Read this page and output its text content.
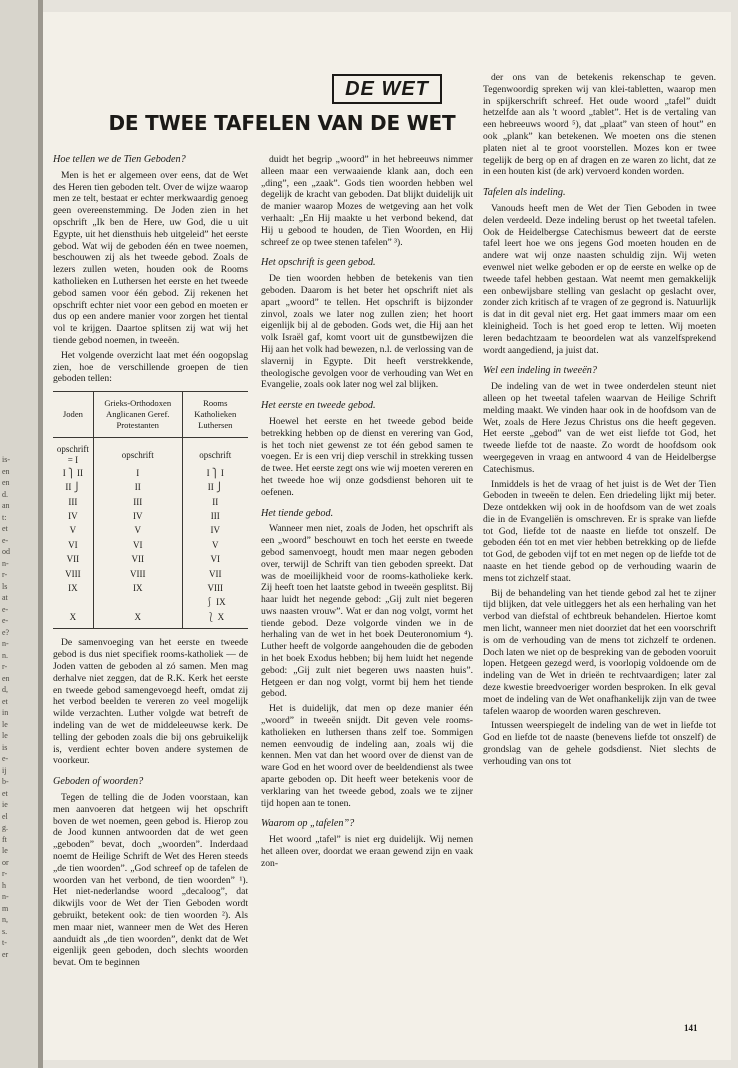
is-
en
en
d.
an
t:
et
e-
od
n-
r-
ls
at
e-
e-
e?
n-
n.
r-
en
d,
et
in
le
le
is
e-
ij
b-
et
ie
el
g.
ft
le
or
r-
h
n-
m
n,
s.
t-
er
DE WET
DE TWEE TAFELEN VAN DE WET
Hoe tellen we de Tien Geboden?

Men is het er algemeen over eens, dat de Wet des Heren tien geboden telt. Over de wijze waarop men ze telt, bestaat er echter merkwaardig genoeg geen overeenstemming. De Joden zien in het opschrift „Ik ben de Here, uw God, die u uit Egypte, uit het diensthuis heb uitgeleid” het eerste gebod. Wat wij de geboden één en twee noemen, beschouwen zij als het tweede gebod. Zoals de lezers zullen weten, houden ook de Rooms katholieken en Luthersen het eerste en het tweede gebod samen voor één gebod. Zij rekenen het opschrift echter niet voor een gebod en moeten er dus op een andere manier voor zorgen het tiental vol te krijgen. Daartoe splitsen zij wat wij het tiende gebod noemen, in tweeën.

Het volgende overzicht laat met één oogopslag zien, hoe de verschillende groepen de tien geboden tellen:

Joden	Grieks-Orthodoxen Anglicanen Geref. Protestanten	Rooms Katholieken Luthersen
opschrift = I	opschrift	opschrift
I ⎫ II	I	I ⎫ I
II ⎭	II	II ⎭
III	III	II
IV	IV	III
V	V	IV
VI	VI	V
VII	VII	VI
VIII	VIII	VII
IX	IX	VIII
		⎰ IX
X	X	⎱ X

De samenvoeging van het eerste en tweede gebod is dus niet specifiek rooms-katholiek — de Joden vatten de geboden al zó samen. Men mag derhalve niet zeggen, dat de R.K. Kerk het eerste en tweede gebod samengevoegd heeft, omdat zij het verbod beelden te vereren zo veel mogelijk wilde verzachten. Luther volgde wat betreft de indeling van de wet de middeleeuwse kerk. De telling der geboden zoals die bij ons gebruikelijk is, verdient echter boven andere systemen de voorkeur.

Geboden of woorden?

Tegen de telling die de Joden voorstaan, kan men aanvoeren dat hetgeen wij het opschrift boven de wet noemen, geen gebod is. Hierop zou de Jood kunnen antwoorden dat de wet geen „geboden” bevat, doch „woorden”. Inderdaad noemt de Heilige Schrift de Wet des Heren steeds „de tien woorden”. „God schreef op de tafelen de woorden van het verbond, de tien woorden” ¹). Het niet-nederlandse woord „decaloog”, dat dikwijls voor de Wet der Tien Geboden wordt gebruikt, betekent ook: de tien woorden ²). Als men maar niet, wanneer men de Wet des Heren aanduidt als „de tien woorden”, denkt dat de Wet eigenlijk geen geboden, doch slechts woorden bevat. Om te beginnen

duidt het begrip „woord” in het hebreeuws nimmer alleen maar een verwaaiende klank aan, doch een „ding”, een „zaak”. Gods tien woorden hebben wel degelijk de kracht van geboden. Dat blijkt duidelijk uit de manier waarop Mozes de wetgeving aan het volk verhaalt: „En Hij maakte u het verbond bekend, dat Hij u gebood te houden, de Tien Woorden, en Hij schreef ze op twee stenen tafelen” ³).

Het opschrift is geen gebod.

De tien woorden hebben de betekenis van tien geboden. Daarom is het beter het opschrift niet als apart „woord” te tellen. Het opschrift is bijzonder zinvol, zoals we later nog zullen zien; het hoort eigenlijk bij al de geboden. Gods wet, die Hij aan het volk Israël gaf, komt voort uit de gunstbewijzen die Hij aan het volk had bewezen, n.l. de verlossing van de slavernij in Egypte. Dit heeft verstrekkende, theologische gevolgen voor de verhouding van Wet en Evangelie, zoals ook later nog wel zal blijken.

Het eerste en tweede gebod.

Hoewel het eerste en het tweede gebod beide betrekking hebben op de dienst en verering van God, is het toch niet gewenst ze tot één gebod samen te voegen. Er is een vrij diep verschil in strekking tussen de twee. Het eerste zegt ons wie wij moeten vereren en het tweede hoe wij onze godsdienst behoren uit te oefenen.

Het tiende gebod.

Wanneer men niet, zoals de Joden, het opschrift als een „woord” beschouwt en toch het eerste en tweede gebod samenvoegt, houdt men maar negen geboden over, terwijl de Schrift van tien geboden spreekt. Dat was de moeilijkheid voor de rooms-katholieke kerk. Zij heeft toen het laatste gebod in tweeën gesplitst. Bij haar luidt het negende gebod: „Gij zult niet begeren uws naasten vrouw”. Wat er dan nog volgt, vormt het tiende gebod. Deze volgorde vinden we in de herhaling van de wet in het boek Deuteronomium ⁴). Luther heeft de volgorde aangehouden die de geboden in het boek Exodus hebben; bij hem luidt het negende gebod: „Gij zult niet begeren uws naasten huis”. Hetgeen er dan nog volgt, vormt bij hem het tiende gebod.

Het is duidelijk, dat men op deze manier één „woord” in tweeën snijdt. Dit geven vele rooms-katholieken en luthersen thans zelf toe. Sommigen nemen eenvoudig de indeling aan, zoals wij die kennen. Men vat dan het woord over de dienst van de ware God en het woord over de beeldendienst als twee aparte geboden op. Dit heeft weer betekenis voor de verklaring van het tweede gebod, zoals we te zijner tijd hopen aan te tonen.

Waarom op „tafelen”?

Het woord „tafel” is niet erg duidelijk. Wij nemen het alleen over, doordat we eraan gewend zijn en vaak zon-

der ons van de betekenis rekenschap te geven. Tegenwoordig spreken wij van klei-tabletten, waarop men in spijkerschrift schreef. Het oude woord „tafel” duidt hetzelfde aan als 't woord „tablet”. Het is de vertaling van een hebreeuws woord ⁵), dat „plaat” van steen of hout” en ook „plank” kan betekenen. We moeten ons die stenen platen niet al te groot voorstellen. Mozes kon er twee tegelijk de berg op en af dragen en ze waren zo licht, dat ze in een houten kist (de ark) vervoerd konden worden.

Tafelen als indeling.

Vanouds heeft men de Wet der Tien Geboden in twee delen verdeeld. Deze indeling berust op het tweetal tafelen. Ook de Heidelbergse Catechismus beweert dat de eerste tafel leert hoe we ons jegens God moeten houden en de andere wat wij onze naasten schuldig zijn. Wij weten evenwel niet welke geboden er op de eerste en welke op de tweede tafel hebben gestaan. Wat neemt men gemakkelijk een onbewijsbare stelling van geslacht op geslacht over, zonder zich kritisch af te vragen of ze gegrond is. Natuurlijk is dat in dit geval niet erg. Het gaat immers maar om een kleinigheid. Toch is het goed erop te letten. Wij moeten leren bedachtzaam te beoordelen wat als vanzelfsprekend wordt aangediend, ja juist dat.

Wel een indeling in tweeën?

De indeling van de wet in twee onderdelen steunt niet alleen op het tweetal tafelen waarvan de Heilige Schrift melding maakt. We vinden haar ook in de hoofdsom van de Wet, zoals de Here Jezus Christus ons die heeft gegeven. Het eerste „gebod” van de wet eist liefde tot God, het tweede liefde tot de naaste. Zo wordt de hoofdsom ook weergegeven in vraag en antwoord 4 van de Heidelbergse Catechismus.

Inmiddels is het de vraag of het juist is de Wet der Tien Geboden in tweeën te delen. Een driedeling lijkt mij beter. Deze ontdekken wij ook in de hoofdsom van de wet zoals die in de Evangeliën is omschreven. Er is sprake van liefde tot God, liefde tot de naaste en liefde tot onszelf. De geboden één tot en met vier hebben betrekking op de liefde tot God, de geboden vijf tot en met negen op de liefde tot de naaste en het tiende gebod op de verhouding waarin de mens tot zichzelf staat.

Bij de behandeling van het tiende gebod zal het te zijner tijd blijken, dat vele uitleggers het als een herhaling van het verbod van diefstal of echtbreuk behandelen. Hiertoe komt men licht, wanneer men niet doorziet dat het een voorschrift is om de verhouding van de mens tot zichzelf te ordenen. Doch laten we niet op de bespreking van de geboden vooruit lopen. Hetgeen gezegd werd, is voorlopig voldoende om de indeling van de Wet in drieën te rechtvaardigen; later zal deze kwestie breedvoeriger worden besproken. In elk geval moet de indeling van de Wet onafhankelijk zijn van de twee tafelen waarop de woorden waren geschreven.

Intussen weerspiegelt de indeling van de wet in liefde tot God en liefde tot de naaste (benevens liefde tot onszelf) de grondslag van de gehele godsdienst. Niet slechts de verhouding van ons tot

141
